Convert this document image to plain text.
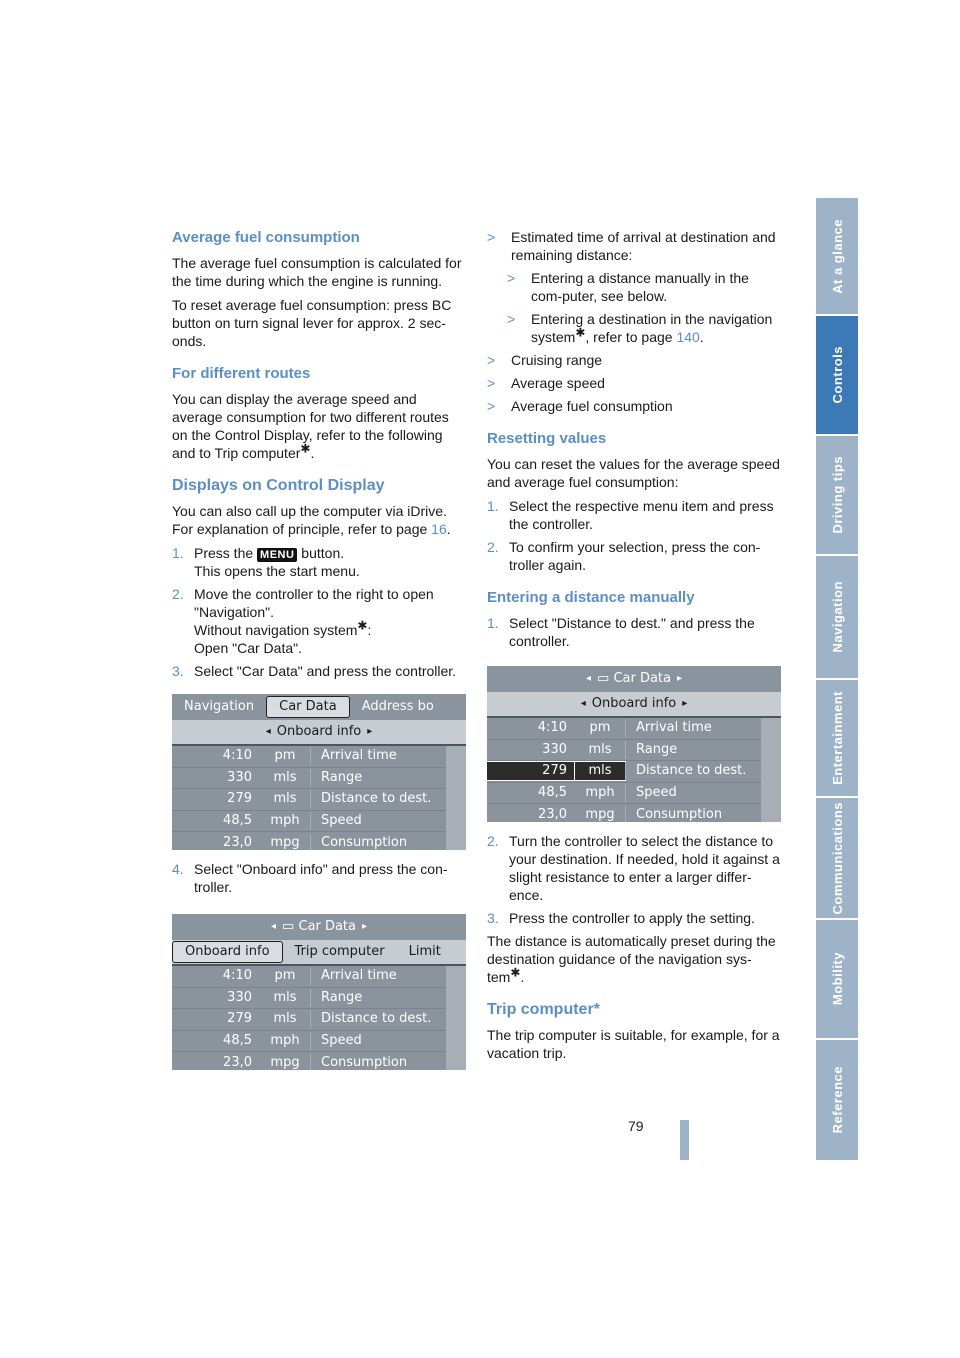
Average fuel consumption

The average fuel consumption is calculated for the time during which the engine is running.

To reset average fuel consumption: press BC button on turn signal lever for approx. 2 sec-onds.

For different routes

You can display the average speed and average consumption for two different routes on the Control Display, refer to the following and to Trip computer✱.

Displays on Control Display

You can also call up the computer via iDrive. For explanation of principle, refer to page 16.

1. Press the MENU button.
This opens the start menu.
2. Move the controller to the right to open "Navigation".
Without navigation system✱:
Open "Car Data".
3. Select "Car Data" and press the controller.
Navigation	Car Data	Address bo
◂ Onboard info ▸
4:10	pm	Arrival time
330	mls	Range
279	mls	Distance to dest.
48,5	mph	Speed
23,0	mpg	Consumption
4. Select "Onboard info" and press the con-troller.
◂ ▭
Car Data ▸
Onboard info	Trip computer	Limit
4:10	pm	Arrival time
330	mls	Range
279	mls	Distance to dest.
48,5	mph	Speed
23,0	mpg	Consumption
>	Estimated time of arrival at destination and remaining distance:
>	Entering a distance manually in the com-puter, see below.
>	Entering a destination in the navigation system✱, refer to page 140.
>	Cruising range
>	Average speed
>	Average fuel consumption
Resetting values

You can reset the values for the average speed and average fuel consumption:

1. Select the respective menu item and press the controller.
2. To confirm your selection, press the con-troller again.
Entering a distance manually
1. Select "Distance to dest." and press the controller.
◂ ▭
Car Data ▸
◂ Onboard info ▸
4:10	pm	Arrival time
330	mls	Range
279	mls	Distance to dest.
48,5	mph	Speed
23,0	mpg	Consumption
2. Turn the controller to select the distance to your destination. If needed, hold it against a slight resistance to enter a larger differ-ence.
3. Press the controller to apply the setting.

The distance is automatically preset during the destination guidance of the navigation sys-tem✱.

Trip computer*

The trip computer is suitable, for example, for a vacation trip.

At a glance
Controls
Driving tips
Navigation
Entertainment
Communications
Mobility
Reference
79
